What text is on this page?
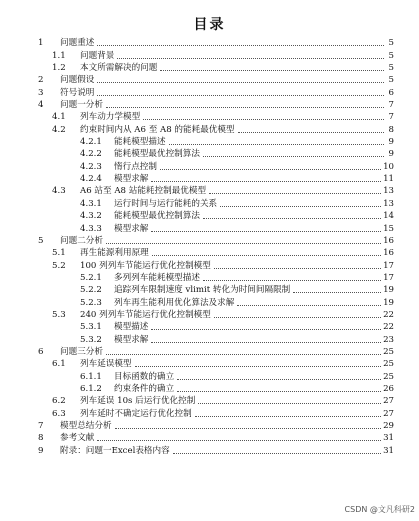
目录
1	问题重述	5
1.1	问题背景	5
1.2	本文所需解决的问题	5
2	问题假设	5
3	符号说明	6
4	问题一分析	7
4.1	列车动力学模型	7
4.2	约束时间内从 A6 至 A8 的能耗最优模型	8
4.2.1	能耗模型描述	9
4.2.2	能耗模型最优控制算法	9
4.2.3	惰行点控制	10
4.2.4	模型求解	11
4.3	A6 站至 A8 站能耗控制最优模型	13
4.3.1	运行时间与运行能耗的关系	13
4.3.2	能耗模型最优控制算法	14
4.3.3	模型求解	15
5	问题二分析	16
5.1	再生能源利用原理	16
5.2	100 列列车节能运行优化控制模型	17
5.2.1	多列列车能耗模型描述	17
5.2.2	追踪列车限制速度 vlimit 转化为时间间隔限制	19
5.2.3	列车再生能利用优化算法及求解	19
5.3	240 列列车节能运行优化控制模型	22
5.3.1	模型描述	22
5.3.2	模型求解	23
6	问题三分析	25
6.1	列车延误模型	25
6.1.1	目标函数的确立	25
6.1.2	约束条件的确立	26
6.2	列车延误 10s 后运行优化控制	27
6.3	列车延时不确定运行优化控制	27
7	模型总结分析	29
8	参考文献	31
9	附录：问题一Excel表格内容	31
CSDN @文凡科研2
